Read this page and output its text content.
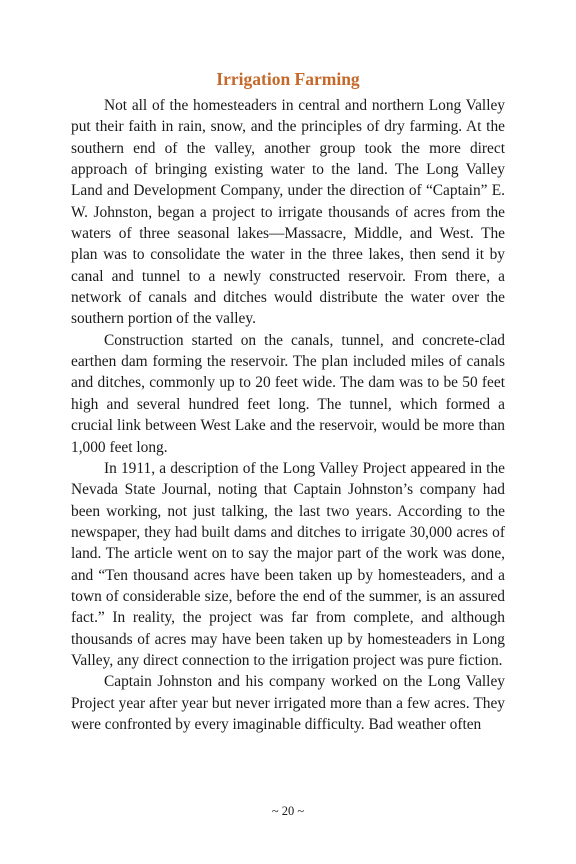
Irrigation Farming

Not all of the homesteaders in central and northern Long Valley put their faith in rain, snow, and the principles of dry farming. At the southern end of the valley, another group took the more direct approach of bringing existing water to the land. The Long Valley Land and Development Company, under the direction of “Captain” E. W. Johnston, began a project to irrigate thousands of acres from the waters of three seasonal lakes—Massacre, Middle, and West. The plan was to consolidate the water in the three lakes, then send it by canal and tunnel to a newly constructed reservoir. From there, a network of canals and ditches would distribute the water over the southern portion of the valley.

Construction started on the canals, tunnel, and concrete-clad earthen dam forming the reservoir. The plan included miles of canals and ditches, commonly up to 20 feet wide. The dam was to be 50 feet high and several hundred feet long. The tunnel, which formed a crucial link between West Lake and the reservoir, would be more than 1,000 feet long.

In 1911, a description of the Long Valley Project appeared in the Nevada State Journal, noting that Captain Johnston’s company had been working, not just talking, the last two years. According to the newspaper, they had built dams and ditches to irrigate 30,000 acres of land. The article went on to say the major part of the work was done, and “Ten thousand acres have been taken up by homesteaders, and a town of considerable size, before the end of the summer, is an assured fact.” In reality, the project was far from complete, and although thousands of acres may have been taken up by homesteaders in Long Valley, any direct connection to the irrigation project was pure fiction.

Captain Johnston and his company worked on the Long Valley Project year after year but never irrigated more than a few acres. They were confronted by every imaginable difficulty. Bad weather often

~ 20 ~
